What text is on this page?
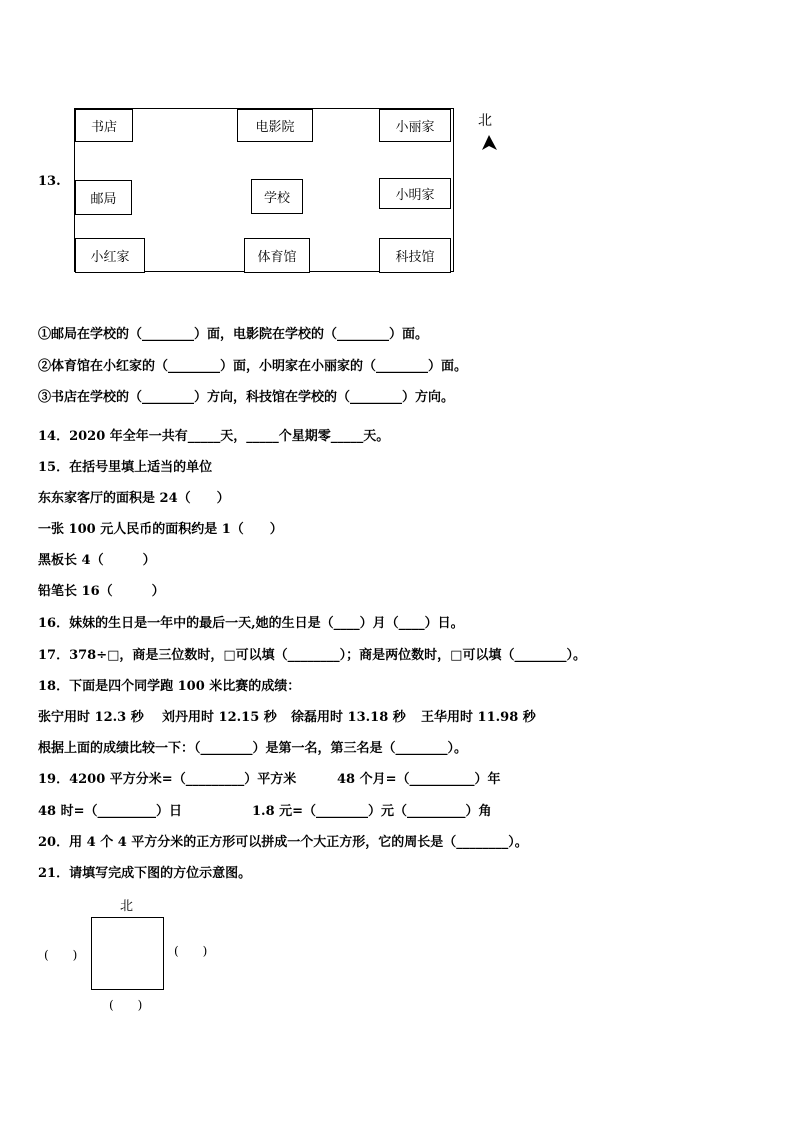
13.
书店	电影院	小丽家
邮局	学校	小明家
小红家	体育馆	科技馆
北
①邮局在学校的（________）面，电影院在学校的（________）面。
②体育馆在小红家的（________）面，小明家在小丽家的（________）面。
③书店在学校的（________）方向，科技馆在学校的（________）方向。
14．2020 年全年一共有_____天，_____个星期零_____天。
15．在括号里填上适当的单位
东东家客厅的面积是 24（　　）
一张 100 元人民币的面积约是 1（　　）
黑板长 4（　　　）
铅笔长 16（　　　）
16．妹妹的生日是一年中的最后一天,她的生日是（____）月（____）日。
17．378÷□，商是三位数时，□可以填（________）；商是两位数时，□可以填（________）。
18．下面是四个同学跑 100 米比赛的成绩：
张宁用时 12.3 秒 刘丹用时 12.15 秒 徐磊用时 13.18 秒 王华用时 11.98 秒
根据上面的成绩比较一下：（________）是第一名，第三名是（________）。
19．4200 平方分米=（_________）平方米	48 个月=（__________）年
48 时=（_________）日	1.8 元=（________）元（_________）角
20．用 4 个 4 平方分米的正方形可以拼成一个大正方形，它的周长是（________）。
21．请填写完成下图的方位示意图。
北
(　　)	(　　)
(　　)
